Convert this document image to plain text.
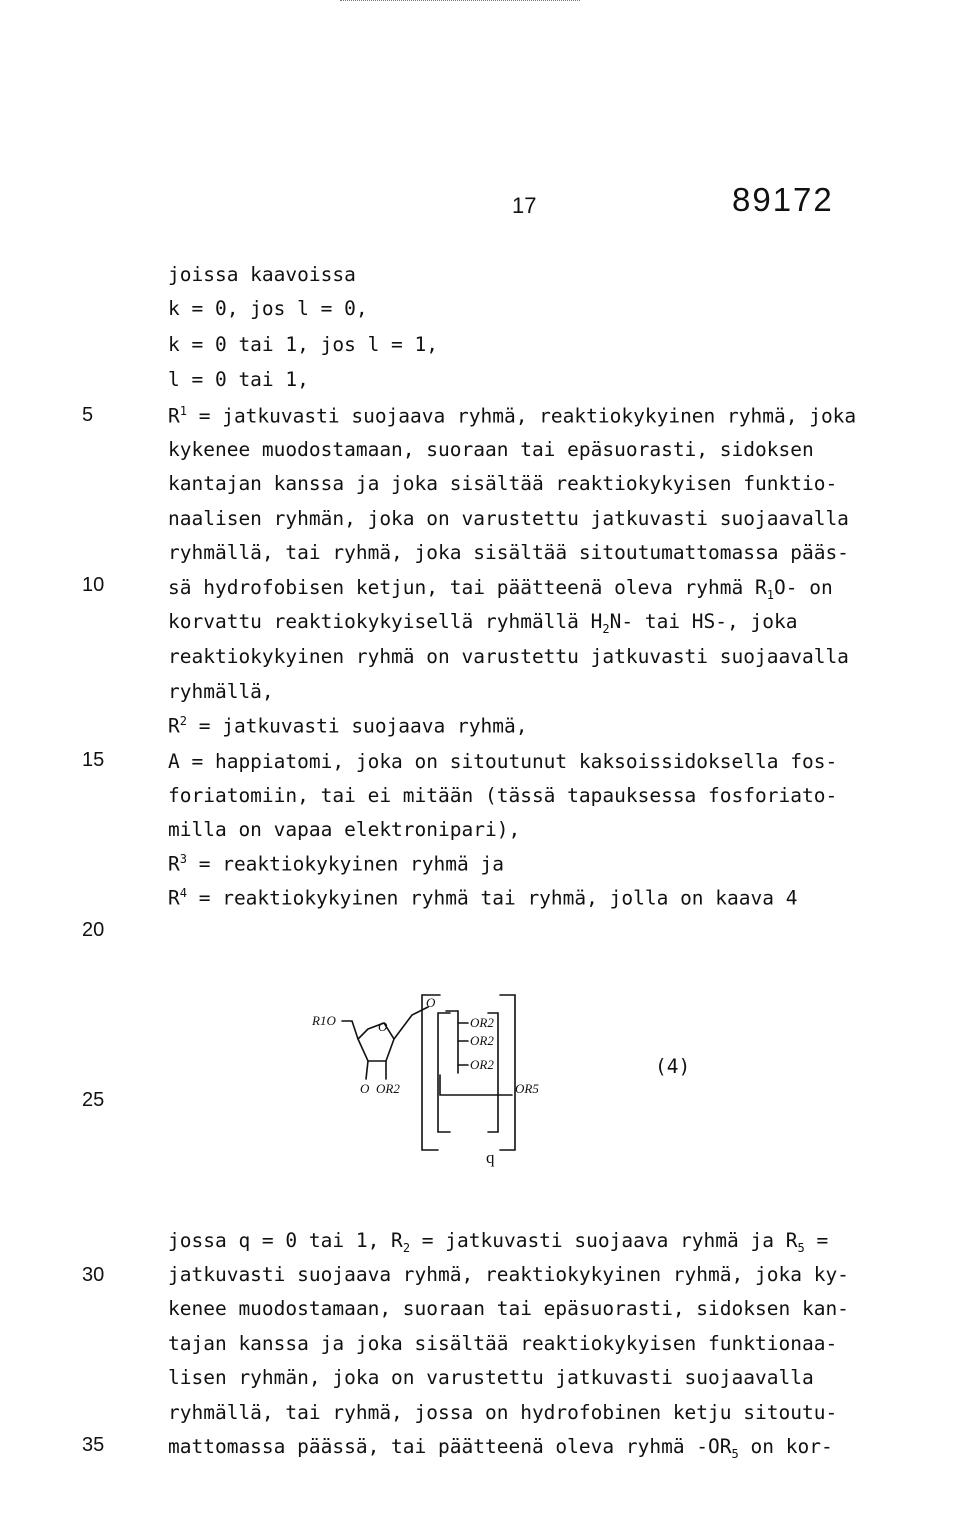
17	89172
5
10
15
20
25
30
35
joissa kaavoissa
k = 0, jos l = 0,
k = 0 tai 1, jos l = 1,
l = 0 tai 1,
$R^1$ = jatkuvasti suojaava ryhmä, reaktiokykyinen ryhmä, joka
kykenee muodostamaan, suoraan tai epäsuorasti, sidoksen
kantajan kanssa ja joka sisältää reaktiokykyisen funktio-
naalisen ryhmän, joka on varustettu jatkuvasti suojaavalla
ryhmällä, tai ryhmä, joka sisältää sitoutumattomassa pääs-
sä hydrofobisen ketjun, tai päätteenä oleva ryhmä $R_1O-$ on
korvattu reaktiokykyisellä ryhmällä $H_2N-$ tai HS-, joka
reaktiokykyinen ryhmä on varustettu jatkuvasti suojaavalla
ryhmällä,
$R^2$ = jatkuvasti suojaava ryhmä,
A = happiatomi, joka on sitoutunut kaksoissidoksella fos-
foriatomiin, tai ei mitään (tässä tapauksessa fosforiato-
milla on vapaa elektronipari),
$R^3$ = reaktiokykyinen ryhmä ja
$R^4$ = reaktiokykyinen ryhmä tai ryhmä, jolla on kaava 4
R1O	O
O OR2
O
OR2
OR2
OR2
OR5
(4)
q
jossa q = 0 tai 1, $R_2$ = jatkuvasti suojaava ryhmä ja $R_5$ =
jatkuvasti suojaava ryhmä, reaktiokykyinen ryhmä, joka ky-
kenee muodostamaan, suoraan tai epäsuorasti, sidoksen kan-
tajan kanssa ja joka sisältää reaktiokykyisen funktionaa-
lisen ryhmän, joka on varustettu jatkuvasti suojaavalla
ryhmällä, tai ryhmä, jossa on hydrofobinen ketju sitoutu-
mattomassa päässä, tai päätteenä oleva ryhmä $-OR_5$ on kor-
